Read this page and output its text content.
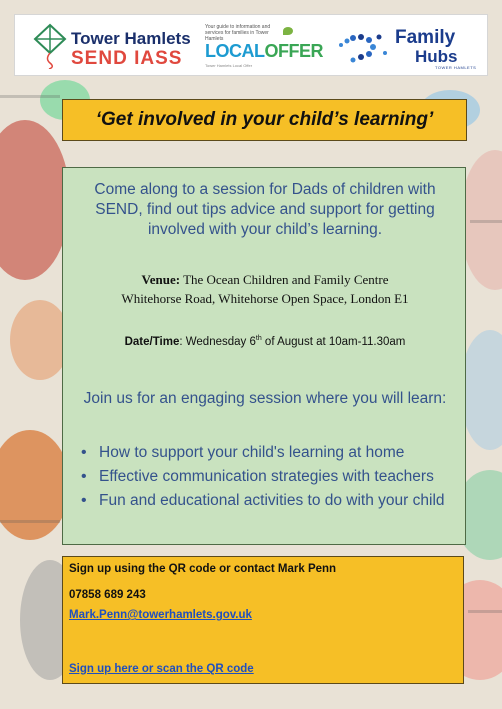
Tower Hamlets
SEND IASS
Your guide to information and services for families in Tower Hamlets
LOCALOFFER
Tower Hamlets Local Offer
Family
Hubs
TOWER HAMLETS
‘Get involved in your child’s learning’
Come along to a session for Dads of children with SEND, find out tips advice and support for getting involved with your child’s learning.
Venue: The Ocean Children and Family Centre
Whitehorse Road, Whitehorse Open Space, London E1
Date/Time: Wednesday 6th of August at 10am-11.30am
Join us for an engaging session where you will learn:
• How to support your child's learning at home
• Effective communication strategies with teachers
• Fun and educational activities to do with your child
Sign up using the QR code or contact Mark Penn
07858 689 243
Mark.Penn@towerhamlets.gov.uk
Sign up here or scan the QR code
